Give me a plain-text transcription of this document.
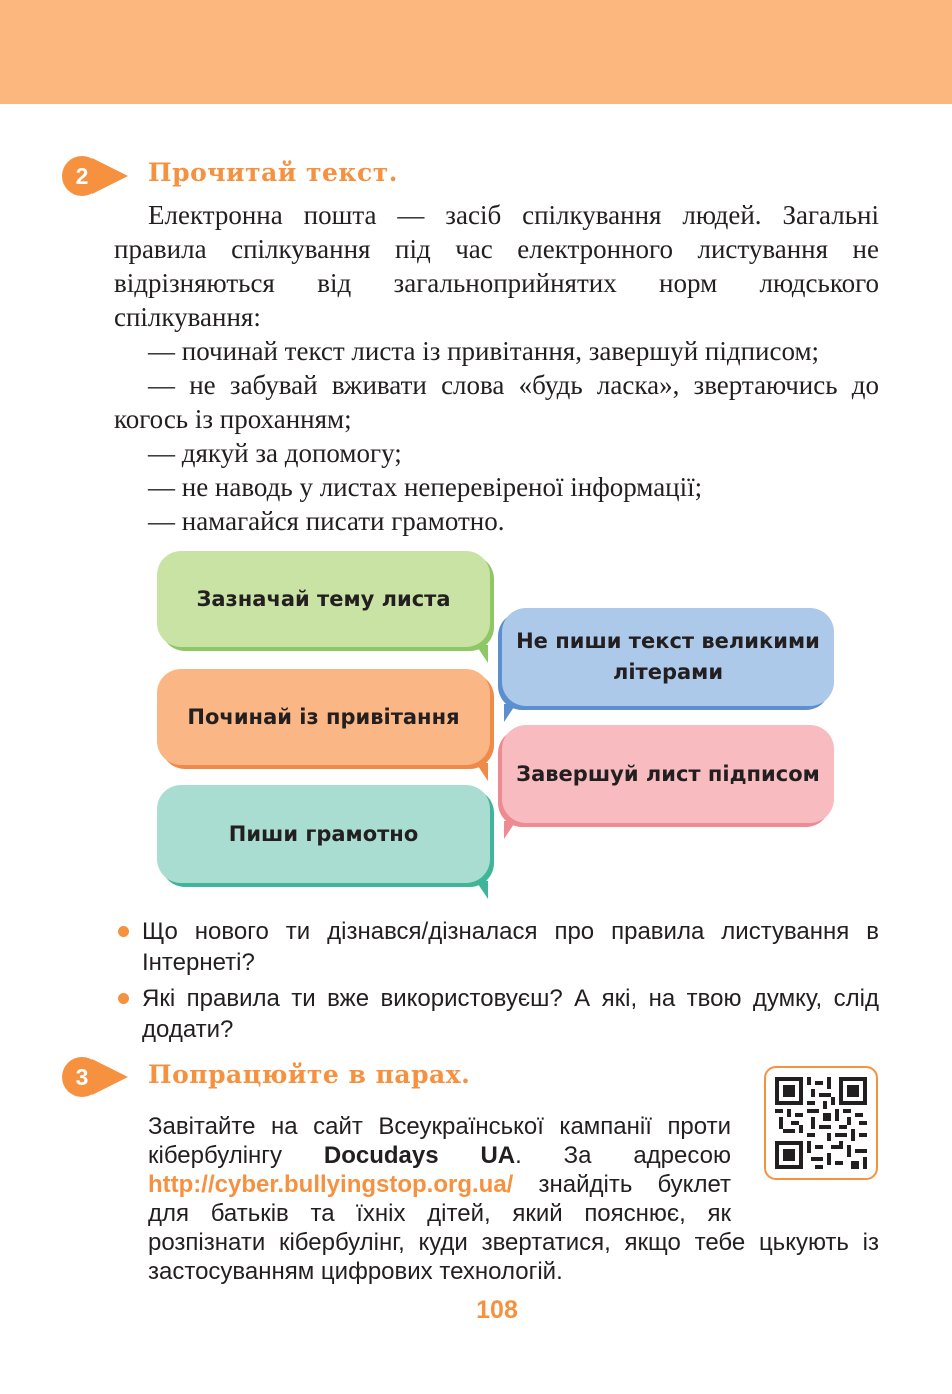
2	Прочитай текст.

Електронна пошта — засіб спілкування людей. Загальні правила спілкування під час електронного листування не відрізняються від загальноприйнятих норм людського спілкування:

— починай текст листа із привітання, завершуй підписом;

— не забувай вживати слова «будь ласка», звертаючись до когось із проханням;

— дякуй за допомогу;

— не наводь у листах неперевіреної інформації;

— намагайся писати грамотно.

Зазначай тему листа
Починай із привітання
Пиши грамотно
Не пиши текст великими літерами
Завершуй лист підписом
Що нового ти дізнався/дізналася про правила листування в Інтернеті?
Які правила ти вже використовуєш? А які, на твою думку, слід додати?
3	Попрацюйте в парах.
Завітайте на сайт Всеукраїнської кампанії проти кібербулінгу Docudays UA. За адресою http://cyber.bullyingstop.org.ua/ знайдіть буклет для батьків та їхніх дітей, який пояснює, як розпізнати кібербулінг, куди звертатися, якщо тебе цькують із застосуванням цифрових технологій.
108
